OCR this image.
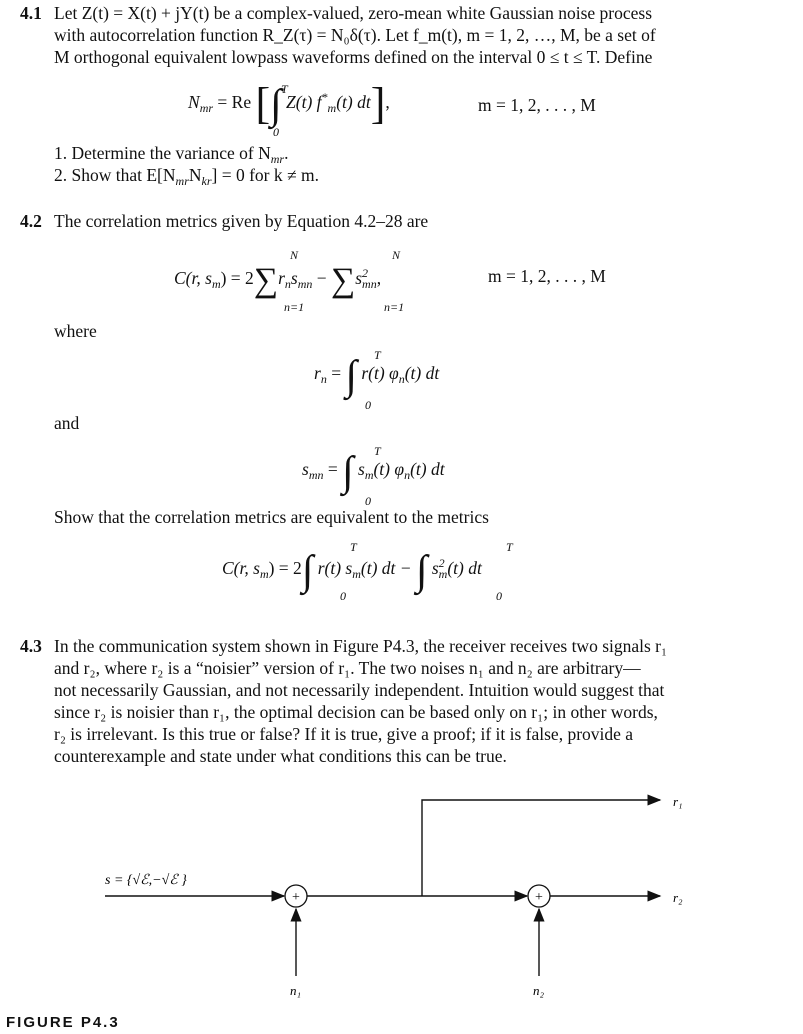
4.1 Let Z(t) = X(t) + jY(t) be a complex-valued, zero-mean white Gaussian noise process
with autocorrelation function R_Z(τ) = N₀δ(τ). Let f_m(t), m = 1, 2, …, M, be a set of
M orthogonal equivalent lowpass waveforms defined on the interval 0 ≤ t ≤ T. Define
$N_{mr} = Re$ [∫ Z(t) $f^*_m(t)$ dt],
T
0
m = 1, 2, . . . , M
1. Determine the variance of $N_{mr}$.
2. Show that $E[N_{mr}N_{kr}] = 0$ for k ≠ m.
4.2 The correlation metrics given by Equation 4.2–28 are
C(r, $s_m) = 2\sum r_ns_{mn} - \sum s^2_{mn}$,
N
n=1
N
n=1
m = 1, 2, . . . , M
where
$r_n$ = ∫ r(t) $\varphi_n(t)$ dt
T
0
and
$s_{mn}$ = ∫ $s_m(t)$ $\varphi_n(t)$ dt
T
0
Show that the correlation metrics are equivalent to the metrics
C(r, $s_m) = 2\int$ r(t) $s_m(t)$ dt − ∫ $s^2_m(t)$ dt
T
0
T
0
4.3 In the communication system shown in Figure P4.3, the receiver receives two signals r₁
and r₂, where r₂ is a “noisier” version of r₁. The two noises n₁ and n₂ are arbitrary—
not necessarily Gaussian, and not necessarily independent. Intuition would suggest that
since r₂ is noisier than r₁, the optimal decision can be based only on r₁; in other words,
r₂ is irrelevant. Is this true or false? If it is true, give a proof; if it is false, provide a
counterexample and state under what conditions this can be true.
+	+
s = {√ℰ,−√ℰ }
r₁
r₂
n₁	n₂
FIGURE P4.3
